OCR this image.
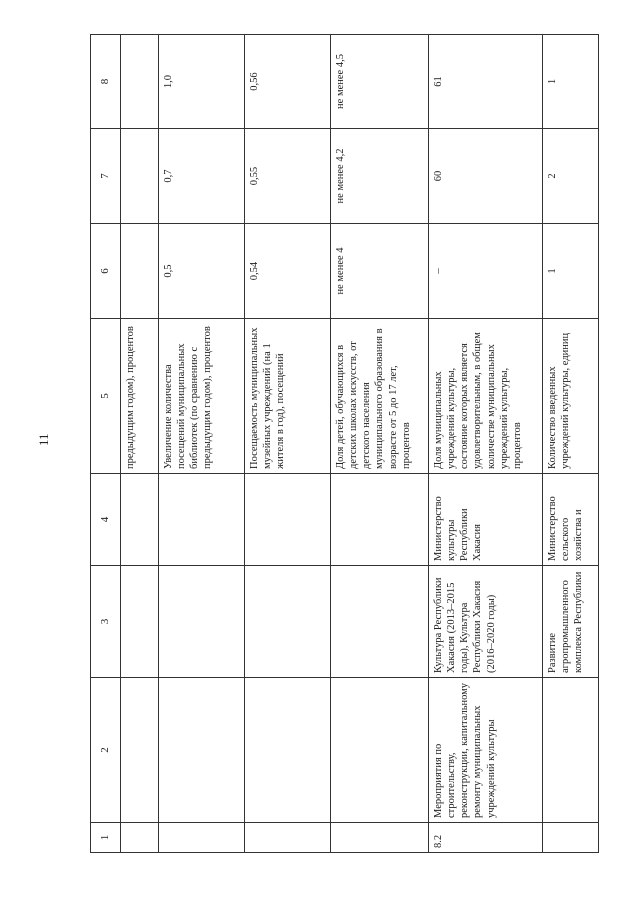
11
1	2	3	4	5	6	7	8
				предыдущим годом), процентов			
				Увеличение количества посещений муниципальных библиотек (по сравнению с предыдущим годом), процентов	0,5	0,7	1,0
				Посещаемость муниципальных музейных учреждений (на 1 жителя в год), посещений	0,54	0,55	0,56
				Доля детей, обучающихся в детских школах искусств, от детского населения муниципального образования в возрасте от 5 до 17 лет, процентов	не менее 4	не менее 4,2	не менее 4,5
8.2	Мероприятия по строительству, реконструкции, капитальному ремонту муниципальных учреждений культуры	Культура Республики Хакасия (2013–2015 годы), Культура Республики Хакасия (2016–2020 годы)	Министерство культуры Республики Хакасия	Доля муниципальных учреждений культуры, состояние которых является удовлетворительным, в общем количестве муниципальных учреждений культуры, процентов	–	60	61
		Развитие агропромышленного комплекса Республики	Министерство сельского хозяйства и	Количество введенных учреждений культуры, единиц	1	2	1
